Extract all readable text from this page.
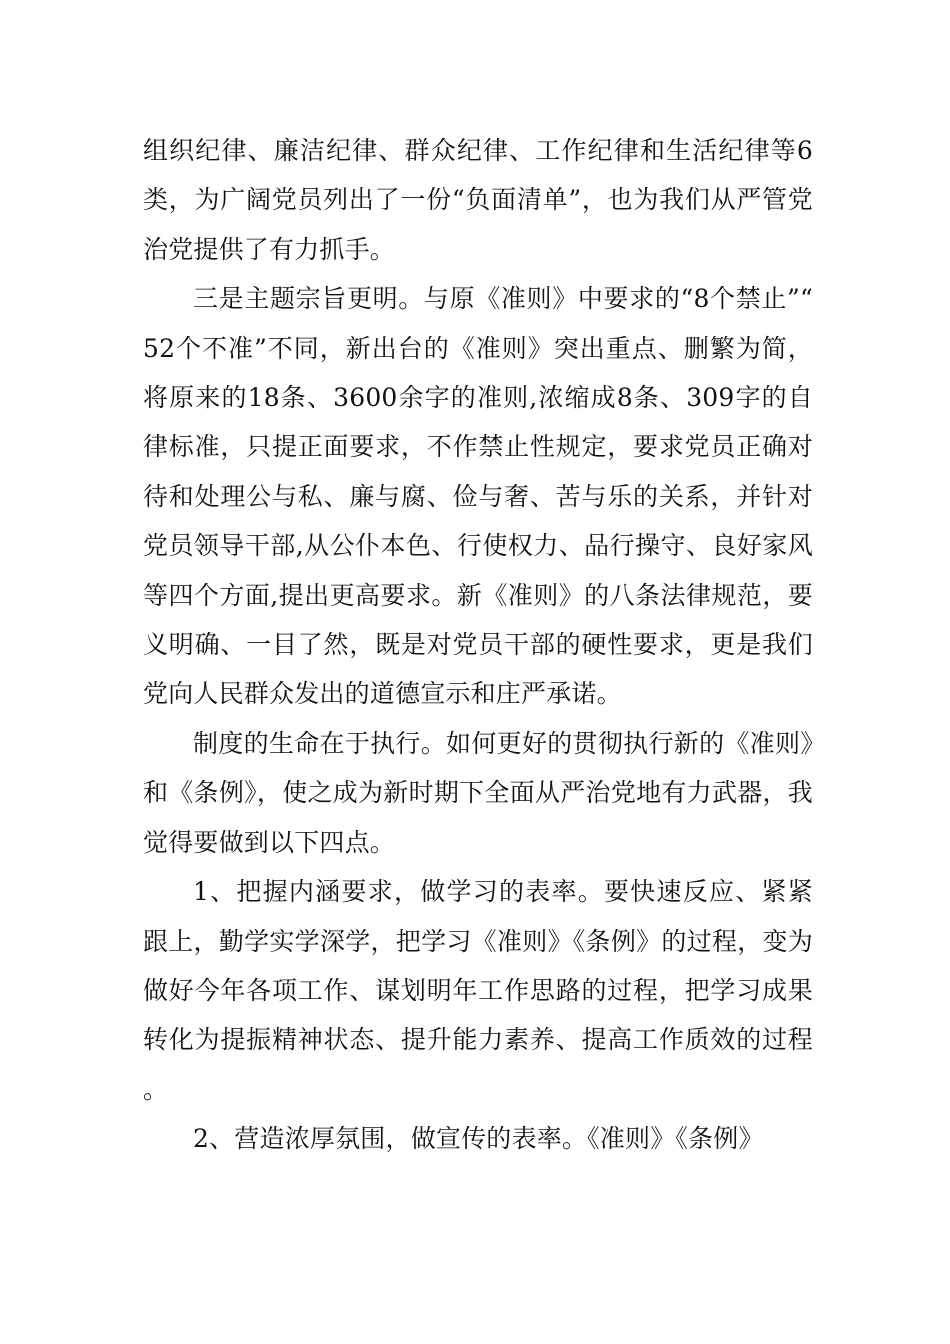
组织纪律、廉洁纪律、群众纪律、工作纪律和生活纪律等6类，为广阔党员列出了一份“负面清单”，也为我们从严管党治党提供了有力抓手。

三是主题宗旨更明。与原《准则》中要求的“8个禁止”“52个不准”不同，新出台的《准则》突出重点、删繁为简，将原来的18条、3600余字的准则,浓缩成8条、309字的自律标准，只提正面要求，不作禁止性规定，要求党员正确对待和处理公与私、廉与腐、俭与奢、苦与乐的关系，并针对党员领导干部,从公仆本色、行使权力、品行操守、良好家风等四个方面,提出更高要求。新《准则》的八条法律规范，要义明确、一目了然，既是对党员干部的硬性要求，更是我们党向人民群众发出的道德宣示和庄严承诺。

制度的生命在于执行。如何更好的贯彻执行新的《准则》和《条例》，使之成为新时期下全面从严治党地有力武器，我觉得要做到以下四点。

1、把握内涵要求，做学习的表率。要快速反应、紧紧跟上，勤学实学深学，把学习《准则》《条例》的过程，变为做好今年各项工作、谋划明年工作思路的过程，把学习成果转化为提振精神状态、提升能力素养、提高工作质效的过程。

2、营造浓厚氛围，做宣传的表率。《准则》《条例》
